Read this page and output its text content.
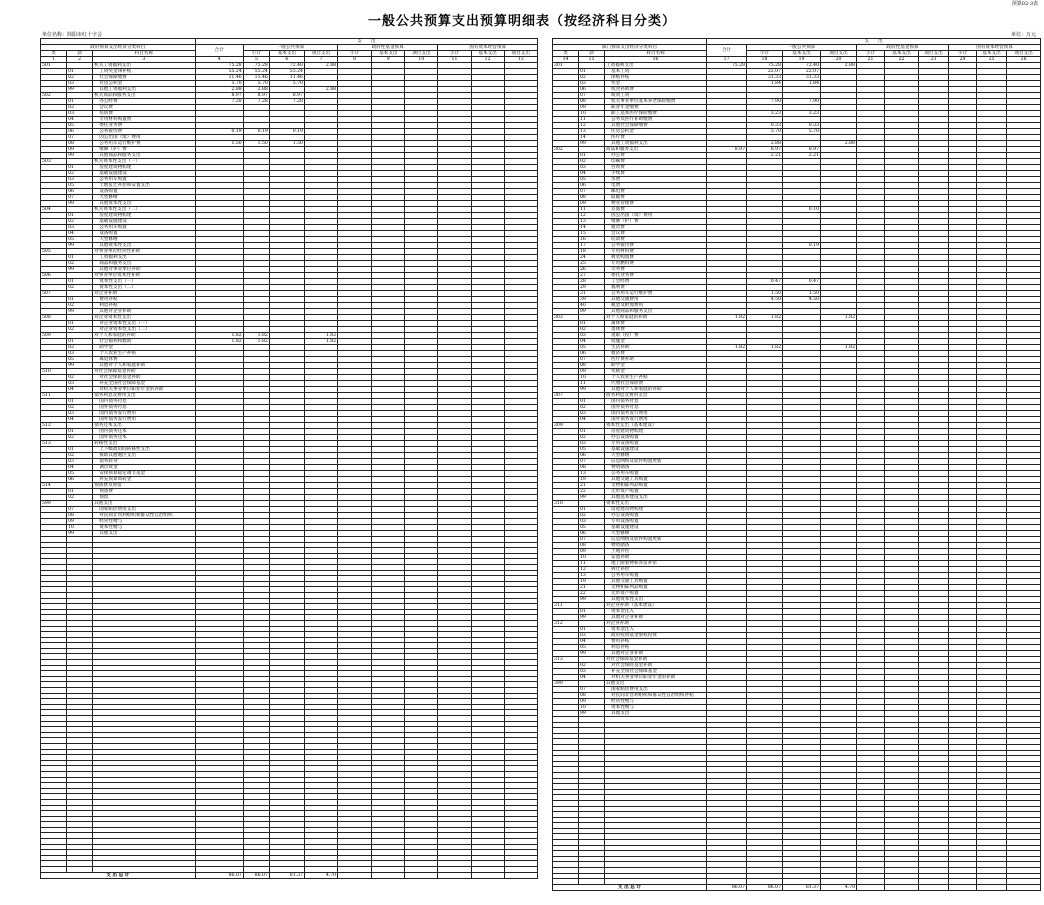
预算02-3表
一般公共预算支出预算明细表（按经济科目分类）
单位名称：简阳市红十字会	单位：万元
			支　　出									
政府预算支出经济分类科目			合计	一般公共预算			政府性基金预算			国有资本经营预算		
类	款	科目名称		小计	基本支出	项目支出	小计	基本支出	项目支出	小计	基本支出	项目支出
1	2	3	4	5	6	7	8	9	10	11	12	13
501		机关工资福利支出	75.28	75.28	72.40	2.88						
	01	工资奖金津补贴	55.24	55.24	55.24							
	02	社会保障缴费	11.46	11.46	11.46							
	03	住房公积金	5.70	5.70	5.70							
	99	其他工资福利支出	2.88	2.88		2.88						
502		机关商品和服务支出	8.97	8.97	8.97							
	01	办公经费	7.28	7.28	7.28							
	02	会议费										
	03	培训费										
	04	专用材料购置费										
	05	委托业务费										
	06	公务接待费	0.19	0.19	0.19							
	07	因公出国（境）费用										
	08	公务用车运行维护费	1.50	1.50	1.50							
	09	维修（护）费										
	99	其他商品和服务支出										
503		机关资本性支出（一）										
	01	房屋建筑物购建										
	02	基础设施建设										
	03	公务用车购置										
	05	土地征迁补偿和安置支出										
	06	设备购置										
	07	大型修缮										
	99	其他资本性支出										
504		机关资本性支出（二）										
	01	房屋建筑物购建										
	02	基础设施建设										
	03	公务用车购置										
	04	设备购置										
	05	大型修缮										
	99	其他资本性支出										
505		对事业单位经常性补助										
	01	工资福利支出										
	02	商品和服务支出										
	99	其他对事业单位补助										
506		对事业单位资本性补助										
	01	资本性支出（一）										
	02	资本性支出（二）										
507		对企业补助										
	01	费用补贴										
	02	利息补贴										
	99	其他对企业补助										
508		对企业资本性支出										
	01	对企业资本性支出（一）										
	02	对企业资本性支出（二）										
509		对个人和家庭的补助	1.82	1.82		1.82						
	01	社会福利和救助	1.82	1.82		1.82						
	02	助学金										
	03	个人农业生产补贴										
	05	离退休费										
	99	其他对个人和家庭补助										
510		对社会保障基金补助										
	02	对社会保险基金补助										
	03	补充全国社会保障基金										
	04	对机关事业单位职业年金的补助										
511		债务利息及费用支出										
	01	国内债务付息										
	02	国外债务付息										
	03	国内债务发行费用										
	04	国外债务发行费用										
512		债务还本支出										
	01	国内债务还本										
	02	国外债务还本										
513		转移性支出										
	01	上下级政府间转移性支出										
	02	援助其他地区支出										
	03	债务转贷										
	04	调出资金										
	05	安排预算稳定调节基金										
	06	补充预算周转金										
514		预备费及预留										
	01	预备费										
	02	预留										
599		其他支出										
	07	国家赔偿费用支出										
	08	对民间非营利组织和群众性自治组织										
	09	经常性赠与										
	10	资本性赠与										
	99	其他支出										

支 出 总 计			86.07	86.07	81.37	4.70						
			支　　出									
部门预算支出经济分类科目			合计	一般公共预算			政府性基金预算			国有资本经营预算		
类	款	科目名称		小计	基本支出	项目支出	小计	基本支出	项目支出	小计	基本支出	项目支出
14	15	16	17	18	19	20	21	22	23	24	25	26
301		工资福利支出	75.28	75.28	72.40	2.88						
	01	基本工资		22.07	22.07							
	02	津贴补贴		31.33	31.33							
	03	奖金		1.84	1.84							
	06	伙食补助费										
	07	绩效工资										
	08	机关事业单位基本养老保险缴费		7.90	7.90							
	09	职业年金缴费										
	10	职工基本医疗保险缴费		3.23	3.23							
	11	公务员医疗补助缴费										
	12	其他社会保障缴费		0.33	0.33							
	13	住房公积金		5.70	5.70							
	14	医疗费										
	99	其他工资福利支出		2.88		2.88						
302		商品和服务支出	8.97	8.97	8.97							
	01	办公费		2.21	2.21							
	02	印刷费										
	03	咨询费										
	04	手续费										
	05	水费										
	06	电费										
	07	邮电费										
	08	取暖费										
	09	物业管理费										
	11	差旅费			0.10							
	12	因公出国（境）费用										
	13	维修（护）费										
	14	租赁费										
	15	会议费										
	16	培训费										
	17	公务接待费			0.19							
	18	专用材料费										
	24	被装购置费										
	25	专用燃料费										
	26	劳务费										
	27	委托业务费										
	28	工会经费		0.47	0.47							
	29	福利费										
	31	公务用车运行维护费		1.50	1.50							
	39	其他交通费用		4.50	4.50							
	40	税金及附加费用										
	99	其他商品和服务支出										
303		对个人和家庭的补助	1.82	1.82		1.82						
	01	离休费										
	02	退休费										
	03	退职（役）费										
	04	抚恤金										
	05	生活补助	1.82	1.82		1.82						
	06	救济费										
	07	医疗费补助										
	08	助学金										
	09	奖励金										
	10	个人农业生产补贴										
	11	代缴社会保险费										
	99	其他对个人和家庭的补助										
307		债务利息及费用支出										
	01	国内债务付息										
	02	国外债务付息										
	03	国内债务发行费用										
	04	国外债务发行费用										
309		资本性支出（基本建设）										
	01	房屋建筑物购建										
	02	办公设备购置										
	03	专用设备购置										
	05	基础设施建设										
	06	大型修缮										
	07	信息网络及软件购置更新										
	08	物资储备										
	13	公务用车购置										
	19	其他交通工具购置										
	21	文物和陈列品购置										
	22	无形资产购置										
	99	其他基本建设支出										
310		资本性支出										
	01	房屋建筑物购建										
	02	办公设备购置										
	03	专用设备购置										
	05	基础设施建设										
	06	大型修缮										
	07	信息网络及软件购置更新										
	08	物资储备										
	09	土地补偿										
	10	安置补助										
	11	地上附着物和青苗补偿										
	12	拆迁补偿										
	13	公务用车购置										
	19	其他交通工具购置										
	21	文物和陈列品购置										
	22	无形资产购置										
	99	其他资本性支出										
311		对企业补助（基本建设）										
	01	资本金注入										
	99	其他对企业补助										
312		对企业补助										
	01	资本金注入										
	03	政府投资基金股权投资										
	04	费用补贴										
	05	利息补贴										
	99	其他对企业补助										
313		对社会保障基金补助										
	02	对社会保险基金补助										
	03	补充全国社会保障基金										
	04	对机关事业单位职业年金的补助										
399		其他支出										
	07	国家赔偿费用支出										
	08	对民间非营利组织和群众性自治组织补贴										
	09	经常性赠与										
	10	资本性赠与										
	99	其他支出										

支 出 总 计			86.07	86.07	81.37	4.70						
